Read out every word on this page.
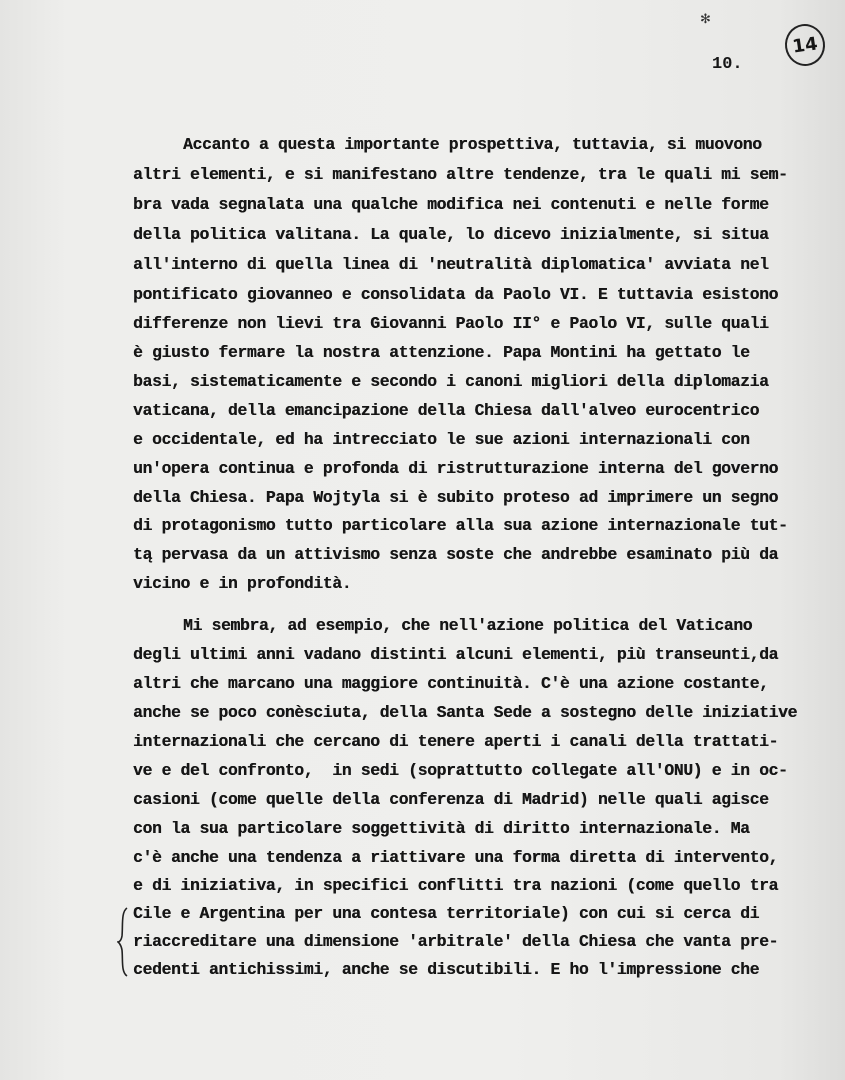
✻
10.
14
Accanto a questa importante prospettiva, tuttavia, si muovono
altri elementi, e si manifestano altre tendenze, tra le quali mi sem-
bra vada segnalata una qualche modifica nei contenuti e nelle forme
della politica valitana. La quale, lo dicevo inizialmente, si situa
all'interno di quella linea di 'neutralità diplomatica' avviata nel
pontificato giovanneo e consolidata da Paolo VI. E tuttavia esistono
differenze non lievi tra Giovanni Paolo II° e Paolo VI, sulle quali
è giusto fermare la nostra attenzione. Papa Montini ha gettato le
basi, sistematicamente e secondo i canoni migliori della diplomazia
vaticana, della emancipazione della Chiesa dall'alveo eurocentrico
e occidentale, ed ha intrecciato le sue azioni internazionali con
un'opera continua e profonda di ristrutturazione interna del governo
della Chiesa. Papa Wojtyla si è subito proteso ad imprimere un segno
di protagonismo tutto particolare alla sua azione internazionale tut-
tą pervasa da un attivismo senza soste che andrebbe esaminato più da
vicino e in profondità.
Mi sembra, ad esempio, che nell'azione politica del Vaticano
degli ultimi anni vadano distinti alcuni elementi, più transeunti,da
altri che marcano una maggiore continuità. C'è una azione costante,
anche se poco conèsciuta, della Santa Sede a sostegno delle iniziative
internazionali che cercano di tenere aperti i canali della trattati-
ve e del confronto,  in sedi (soprattutto collegate all'ONU) e in oc-
casioni (come quelle della conferenza di Madrid) nelle quali agisce
con la sua particolare soggettività di diritto internazionale. Ma
c'è anche una tendenza a riattivare una forma diretta di intervento,
e di iniziativa, in specifici conflitti tra nazioni (come quello tra
Cile e Argentina per una contesa territoriale) con cui si cerca di
riaccreditare una dimensione 'arbitrale' della Chiesa che vanta pre-
cedenti antichissimi, anche se discutibili. E ho l'impressione che
